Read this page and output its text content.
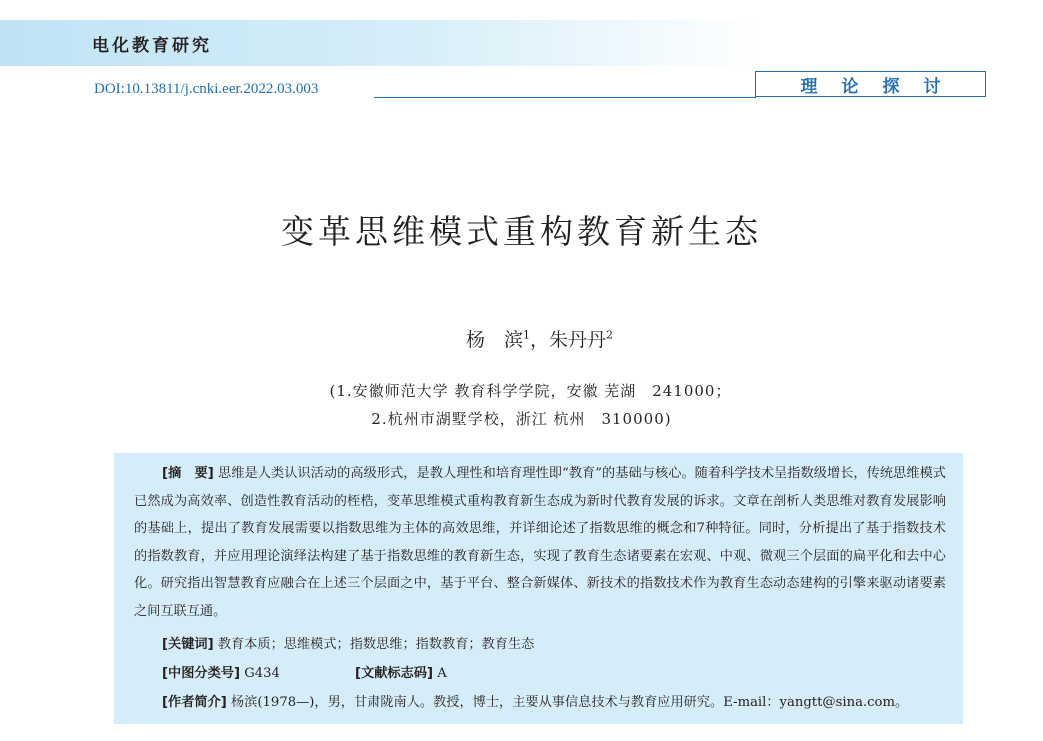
电化教育研究
DOI:10.13811/j.cnki.eer.2022.03.003	理论探讨
变革思维模式重构教育新生态
杨　滨$^1$，朱丹丹$^2$
(1.安徽师范大学 教育科学学院，安徽 芜湖　241000；
2.杭州市湖墅学校，浙江 杭州　310000)
[摘　要] 思维是人类认识活动的高级形式，是教人理性和培育理性即“教育”的基础与核心。随着科学技术呈指数级增长，传统思维模式已然成为高效率、创造性教育活动的桎梏，变革思维模式重构教育新生态成为新时代教育发展的诉求。文章在剖析人类思维对教育发展影响的基础上，提出了教育发展需要以指数思维为主体的高效思维，并详细论述了指数思维的概念和7种特征。同时，分析提出了基于指数技术的指数教育，并应用理论演绎法构建了基于指数思维的教育新生态，实现了教育生态诸要素在宏观、中观、微观三个层面的扁平化和去中心化。研究指出智慧教育应融合在上述三个层面之中，基于平台、整合新媒体、新技术的指数技术作为教育生态动态建构的引擎来驱动诸要素之间互联互通。
[关键词] 教育本质；思维模式；指数思维；指数教育；教育生态
[中图分类号] G434	[文献标志码] A
[作者简介] 杨滨(1978—)，男，甘肃陇南人。教授，博士，主要从事信息技术与教育应用研究。E-mail：yangtt@sina.com。
